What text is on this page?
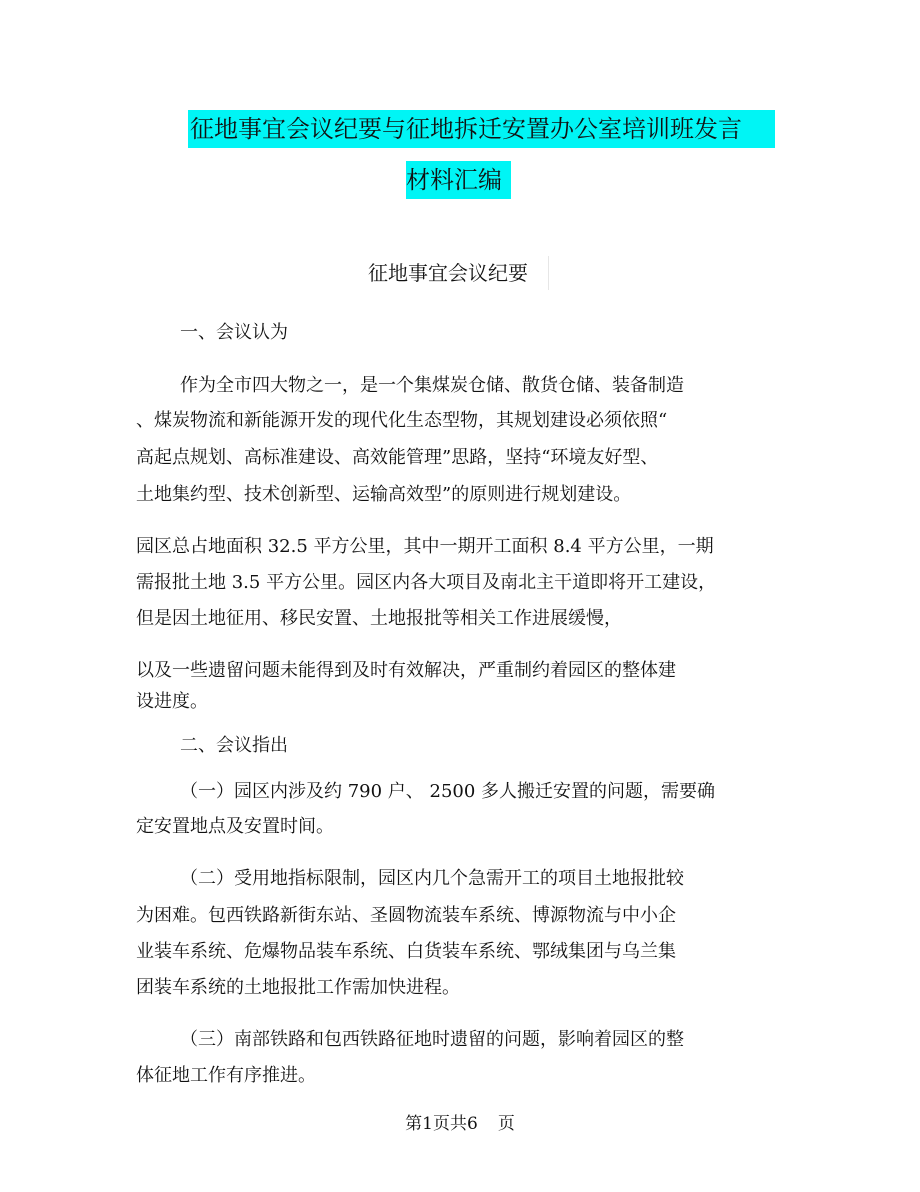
征地事宜会议纪要与征地拆迁安置办公室培训班发言
材料汇编
征地事宜会议纪要
一、会议认为
作为全市四大物之一，是一个集煤炭仓储、散货仓储、装备制造
、煤炭物流和新能源开发的现代化生态型物，其规划建设必须依照“
高起点规划、高标准建设、高效能管理”思路，坚持“环境友好型、
土地集约型、技术创新型、运输高效型”的原则进行规划建设。
园区总占地面积 32.5 平方公里，其中一期开工面积 8.4 平方公里，一期
需报批土地 3.5 平方公里。园区内各大项目及南北主干道即将开工建设，
但是因土地征用、移民安置、土地报批等相关工作进展缓慢，
以及一些遗留问题未能得到及时有效解决，严重制约着园区的整体建
设进度。
二、会议指出
（一）园区内涉及约 790 户、 2500 多人搬迁安置的问题，需要确
定安置地点及安置时间。
（二）受用地指标限制，园区内几个急需开工的项目土地报批较
为困难。包西铁路新街东站、圣圆物流装车系统、博源物流与中小企
业装车系统、危爆物品装车系统、白货装车系统、鄂绒集团与乌兰集
团装车系统的土地报批工作需加快进程。
（三）南部铁路和包西铁路征地时遗留的问题，影响着园区的整
体征地工作有序推进。
第1页共6 页
